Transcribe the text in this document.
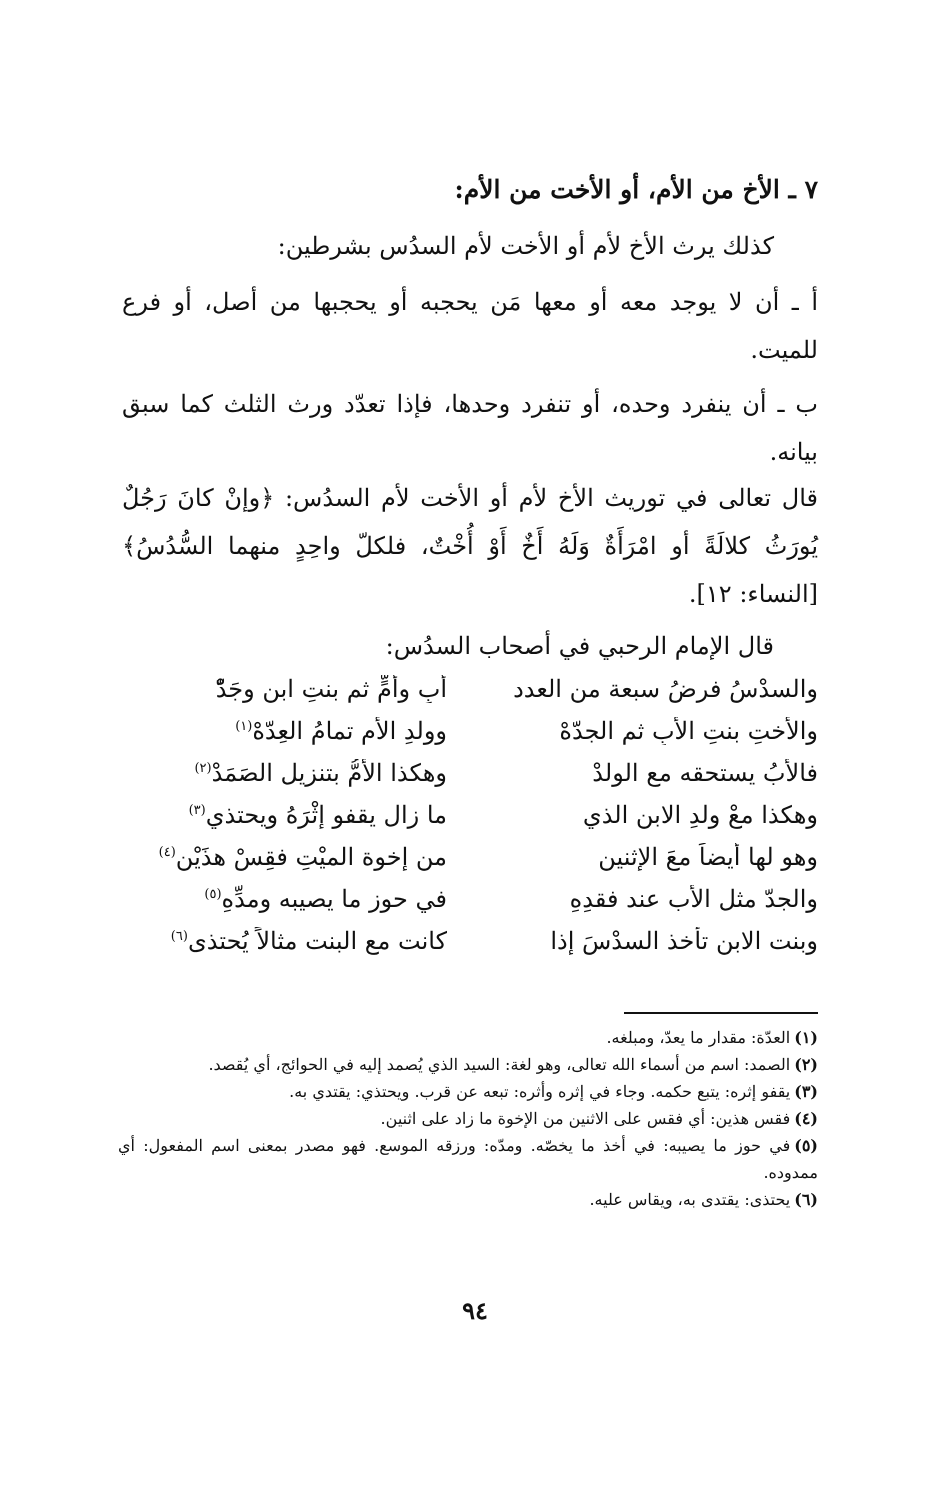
٧ ـ الأخ من الأم، أو الأخت من الأم:
كذلك يرث الأخ لأم أو الأخت لأم السدُس بشرطين:
أ ـ أن لا يوجد معه أو معها مَن يحجبه أو يحجبها من أصل، أو فرع للميت.
ب ـ أن ينفرد وحده، أو تنفرد وحدها، فإذا تعدّد ورث الثلث كما سبق بيانه.
قال تعالى في توريث الأخ لأم أو الأخت لأم السدُس: ﴿وإنْ كانَ رَجُلٌ يُورَثُ كلالَةً أو امْرَأَةٌ وَلَهُ أَخٌ أَوْ أُخْتٌ، فلكلّ واحِدٍ منهما السُّدُسُ﴾ [النساء: ١٢].
قال الإمام الرحبي في أصحاب السدُس:
والسدْسُ فرضُ سبعة من العدد
أبٍ وأمٍّ ثم بنتِ ابنٍ وجَدّْ
والأختِ بنتِ الأبِ ثم الجدّهْ
وولدِ الأم تمامُ العِدّهْ$^{(١)}$
فالأبُ يستحقه مع الولدْ
وهكذا الأمُّ بتنزيلِ الصَمَدْ$^{(٢)}$
وهكذا معْ ولدِ الابن الذي
ما زال يقفو إثْرَهُ ويحتذي$^{(٣)}$
وهو لها أيضاً معَ الإثنين
من إخوة الميْتِ فقِسْ هذَيْنِ$^{(٤)}$
والجدّ مثل الأب عند فقدِهِ
في حوز ما يصيبه ومدِّهِ$^{(٥)}$
وبنت الابن تأخذ السدْسَ إذا
كانت مع البنت مثالاً يُحتذى$^{(٦)}$

(١)العدّة: مقدار ما يعدّ، ومبلغه.

(٢)الصمد: اسم من أسماء الله تعالى، وهو لغة: السيد الذي يُصمد إليه في الحوائج، أي يُقصد.

(٣)يقفو إثره: يتبع حكمه. وجاء في إثره وأثره: تبعه عن قرب. ويحتذي: يقتدي به.

(٤)فقس هذين: أي فقس على الاثنين من الإخوة ما زاد على اثنين.

(٥)في حوز ما يصيبه: في أخذ ما يخصّه. ومدّه: ورزقه الموسع. فهو مصدر بمعنى اسم المفعول: أي ممدوده.

(٦)يحتذى: يقتدى به، ويقاس عليه.

٩٤
